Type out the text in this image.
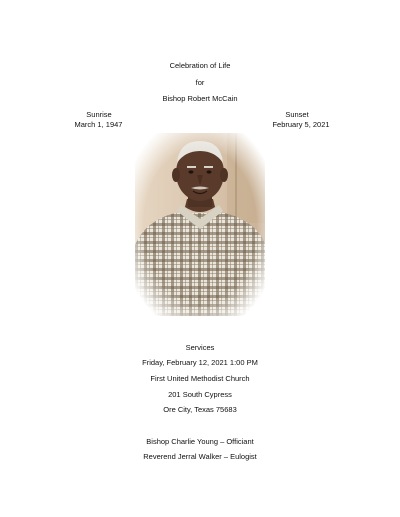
Celebration of Life
for
Bishop Robert McCain
Sunrise
March 1, 1947
Sunset
February 5, 2021
Services
Friday, February 12, 2021 1:00 PM
First United Methodist Church
201 South Cypress
Ore City, Texas 75683
Bishop Charlie Young – Officiant
Reverend Jerral Walker – Eulogist
